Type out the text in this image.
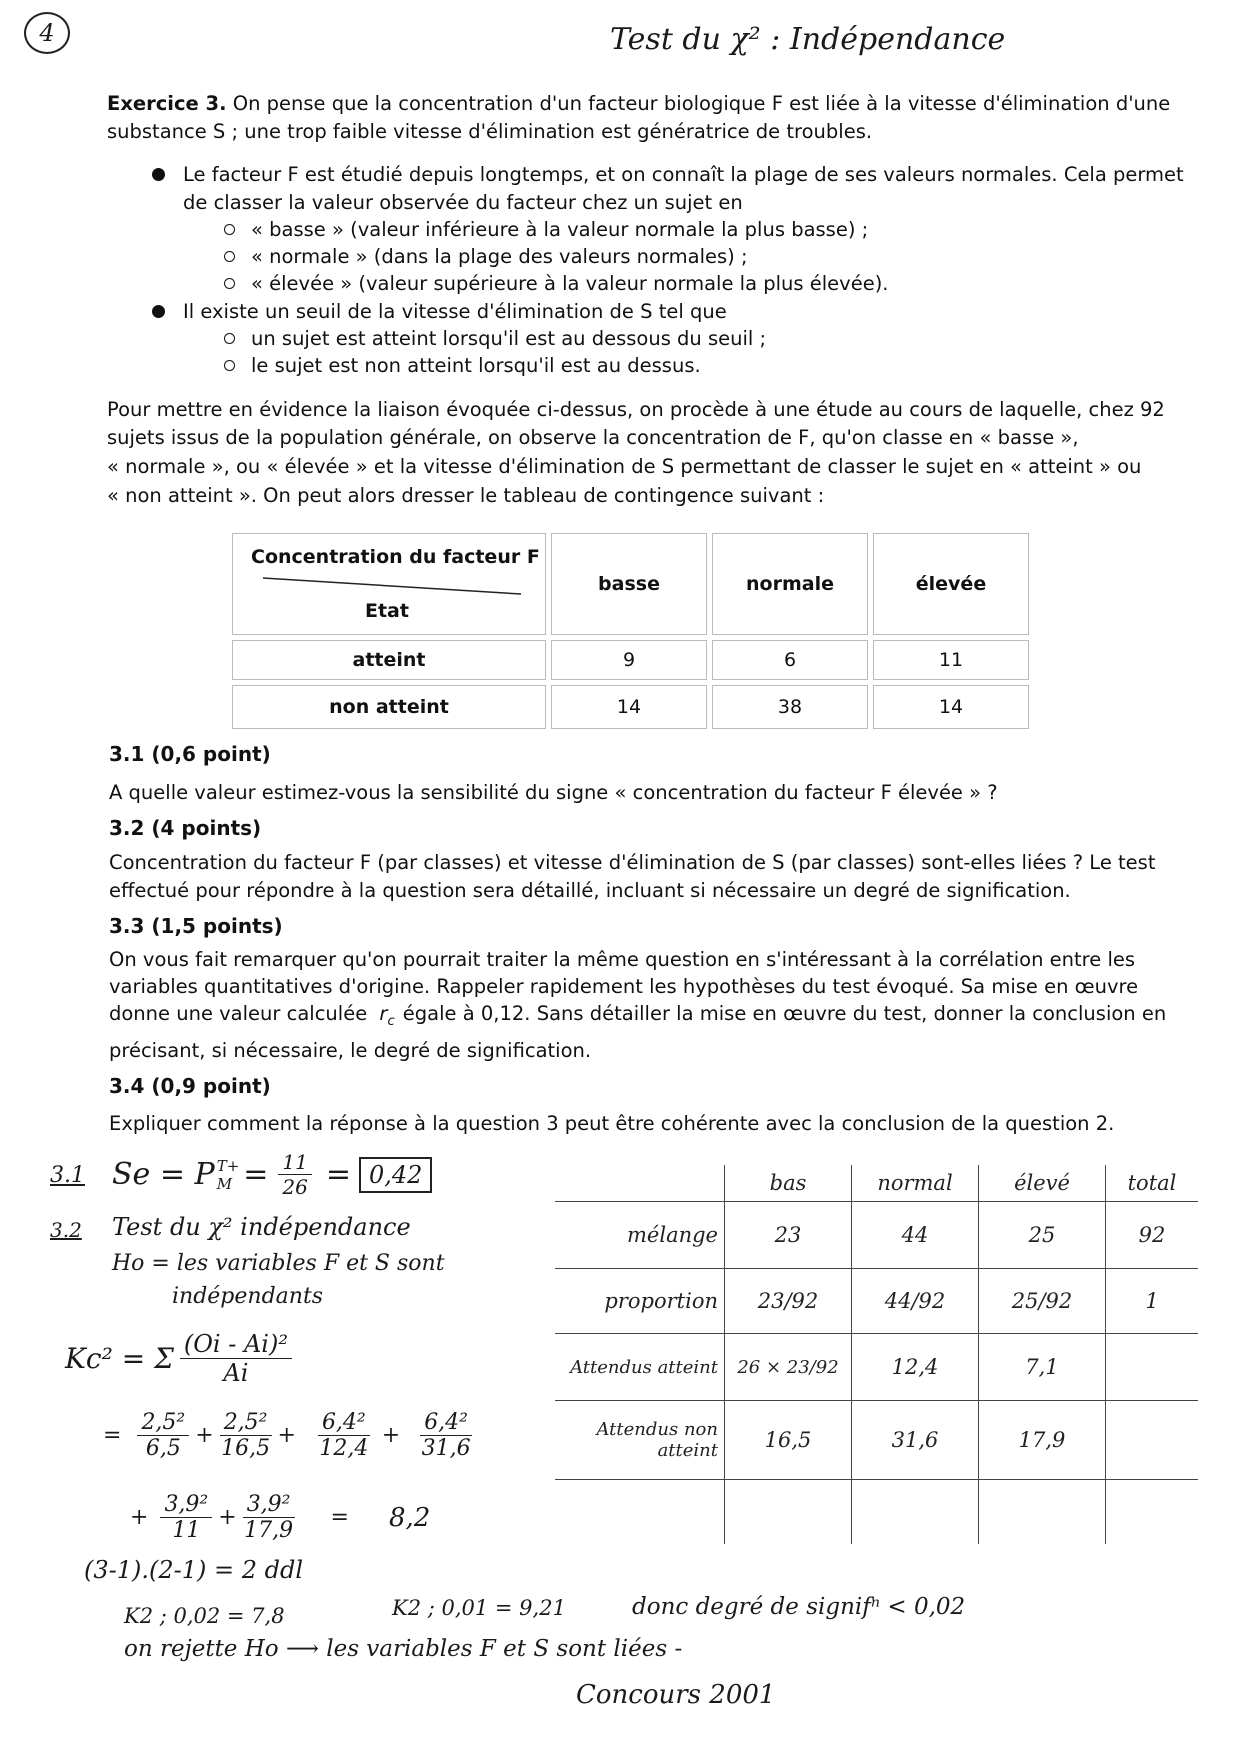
4	Test du χ² : Indépendance
Exercice 3. On pense que la concentration d'un facteur biologique F est liée à la vitesse d'élimination d'une
substance S ; une trop faible vitesse d'élimination est génératrice de troubles.
Le facteur F est étudié depuis longtemps, et on connaît la plage de ses valeurs normales. Cela permet
de classer la valeur observée du facteur chez un sujet en
« basse » (valeur inférieure à la valeur normale la plus basse) ;
« normale » (dans la plage des valeurs normales) ;
« élevée » (valeur supérieure à la valeur normale la plus élevée).
Il existe un seuil de la vitesse d'élimination de S tel que
un sujet est atteint lorsqu'il est au dessous du seuil ;
le sujet est non atteint lorsqu'il est au dessus.
Pour mettre en évidence la liaison évoquée ci-dessus, on procède à une étude au cours de laquelle, chez 92
sujets issus de la population générale, on observe la concentration de F, qu'on classe en « basse »,
« normale », ou « élevée » et la vitesse d'élimination de S permettant de classer le sujet en « atteint » ou
« non atteint ». On peut alors dresser le tableau de contingence suivant :
Concentration du facteur F
Etat	basse	normale	élevée
atteint	9	6	11
non atteint	14	38	14
3.1 (0,6 point)
A quelle valeur estimez-vous la sensibilité du signe « concentration du facteur F élevée » ?
3.2 (4 points)
Concentration du facteur F (par classes) et vitesse d'élimination de S (par classes) sont-elles liées ? Le test
effectué pour répondre à la question sera détaillé, incluant si nécessaire un degré de signification.
3.3 (1,5 points)
On vous fait remarquer qu'on pourrait traiter la même question en s'intéressant à la corrélation entre les
variables quantitatives d'origine. Rappeler rapidement les hypothèses du test évoqué. Sa mise en œuvre
donne une valeur calculée $r_c$ égale à 0,12. Sans détailler la mise en œuvre du test, donner la conclusion en
précisant, si nécessaire, le degré de signification.
3.4 (0,9 point)
Expliquer comment la réponse à la question 3 peut être cohérente avec la conclusion de la question 2.
3.1 Se = P T+
$M = \frac{11}{26} = 0,42$
3.2 Test du χ² indépendance
Ho = les variables F et S sont
indépendants
Kc² = Σ $\frac{\text{(Oi - Ai)²}}{Ai}$
= $\frac{\text{2,5²}}{6,5} + \frac{\text{2,5²}}{16,5} + \frac{\text{6,4²}}{12,4} + \frac{\text{6,4²}}{31,6}$
+ $\frac{\text{3,9²}}{11} + \frac{\text{3,9²}}{17,9} = 8,2$
(3-1).(2-1) = 2 ddl
K2 ; 0,02 = 7,8	K2 ; 0,01 = 9,21	donc degré de signifⁿ < 0,02
on rejette Ho ⟶ les variables F et S sont liées -
Concours 2001
	bas	normal	élevé	total
mélange	23	44	25	92
proportion	23/92	44/92	25/92	1
Attendus atteint	26 × 23/92	12,4	7,1	
Attendus non atteint	16,5	31,6	17,9	
